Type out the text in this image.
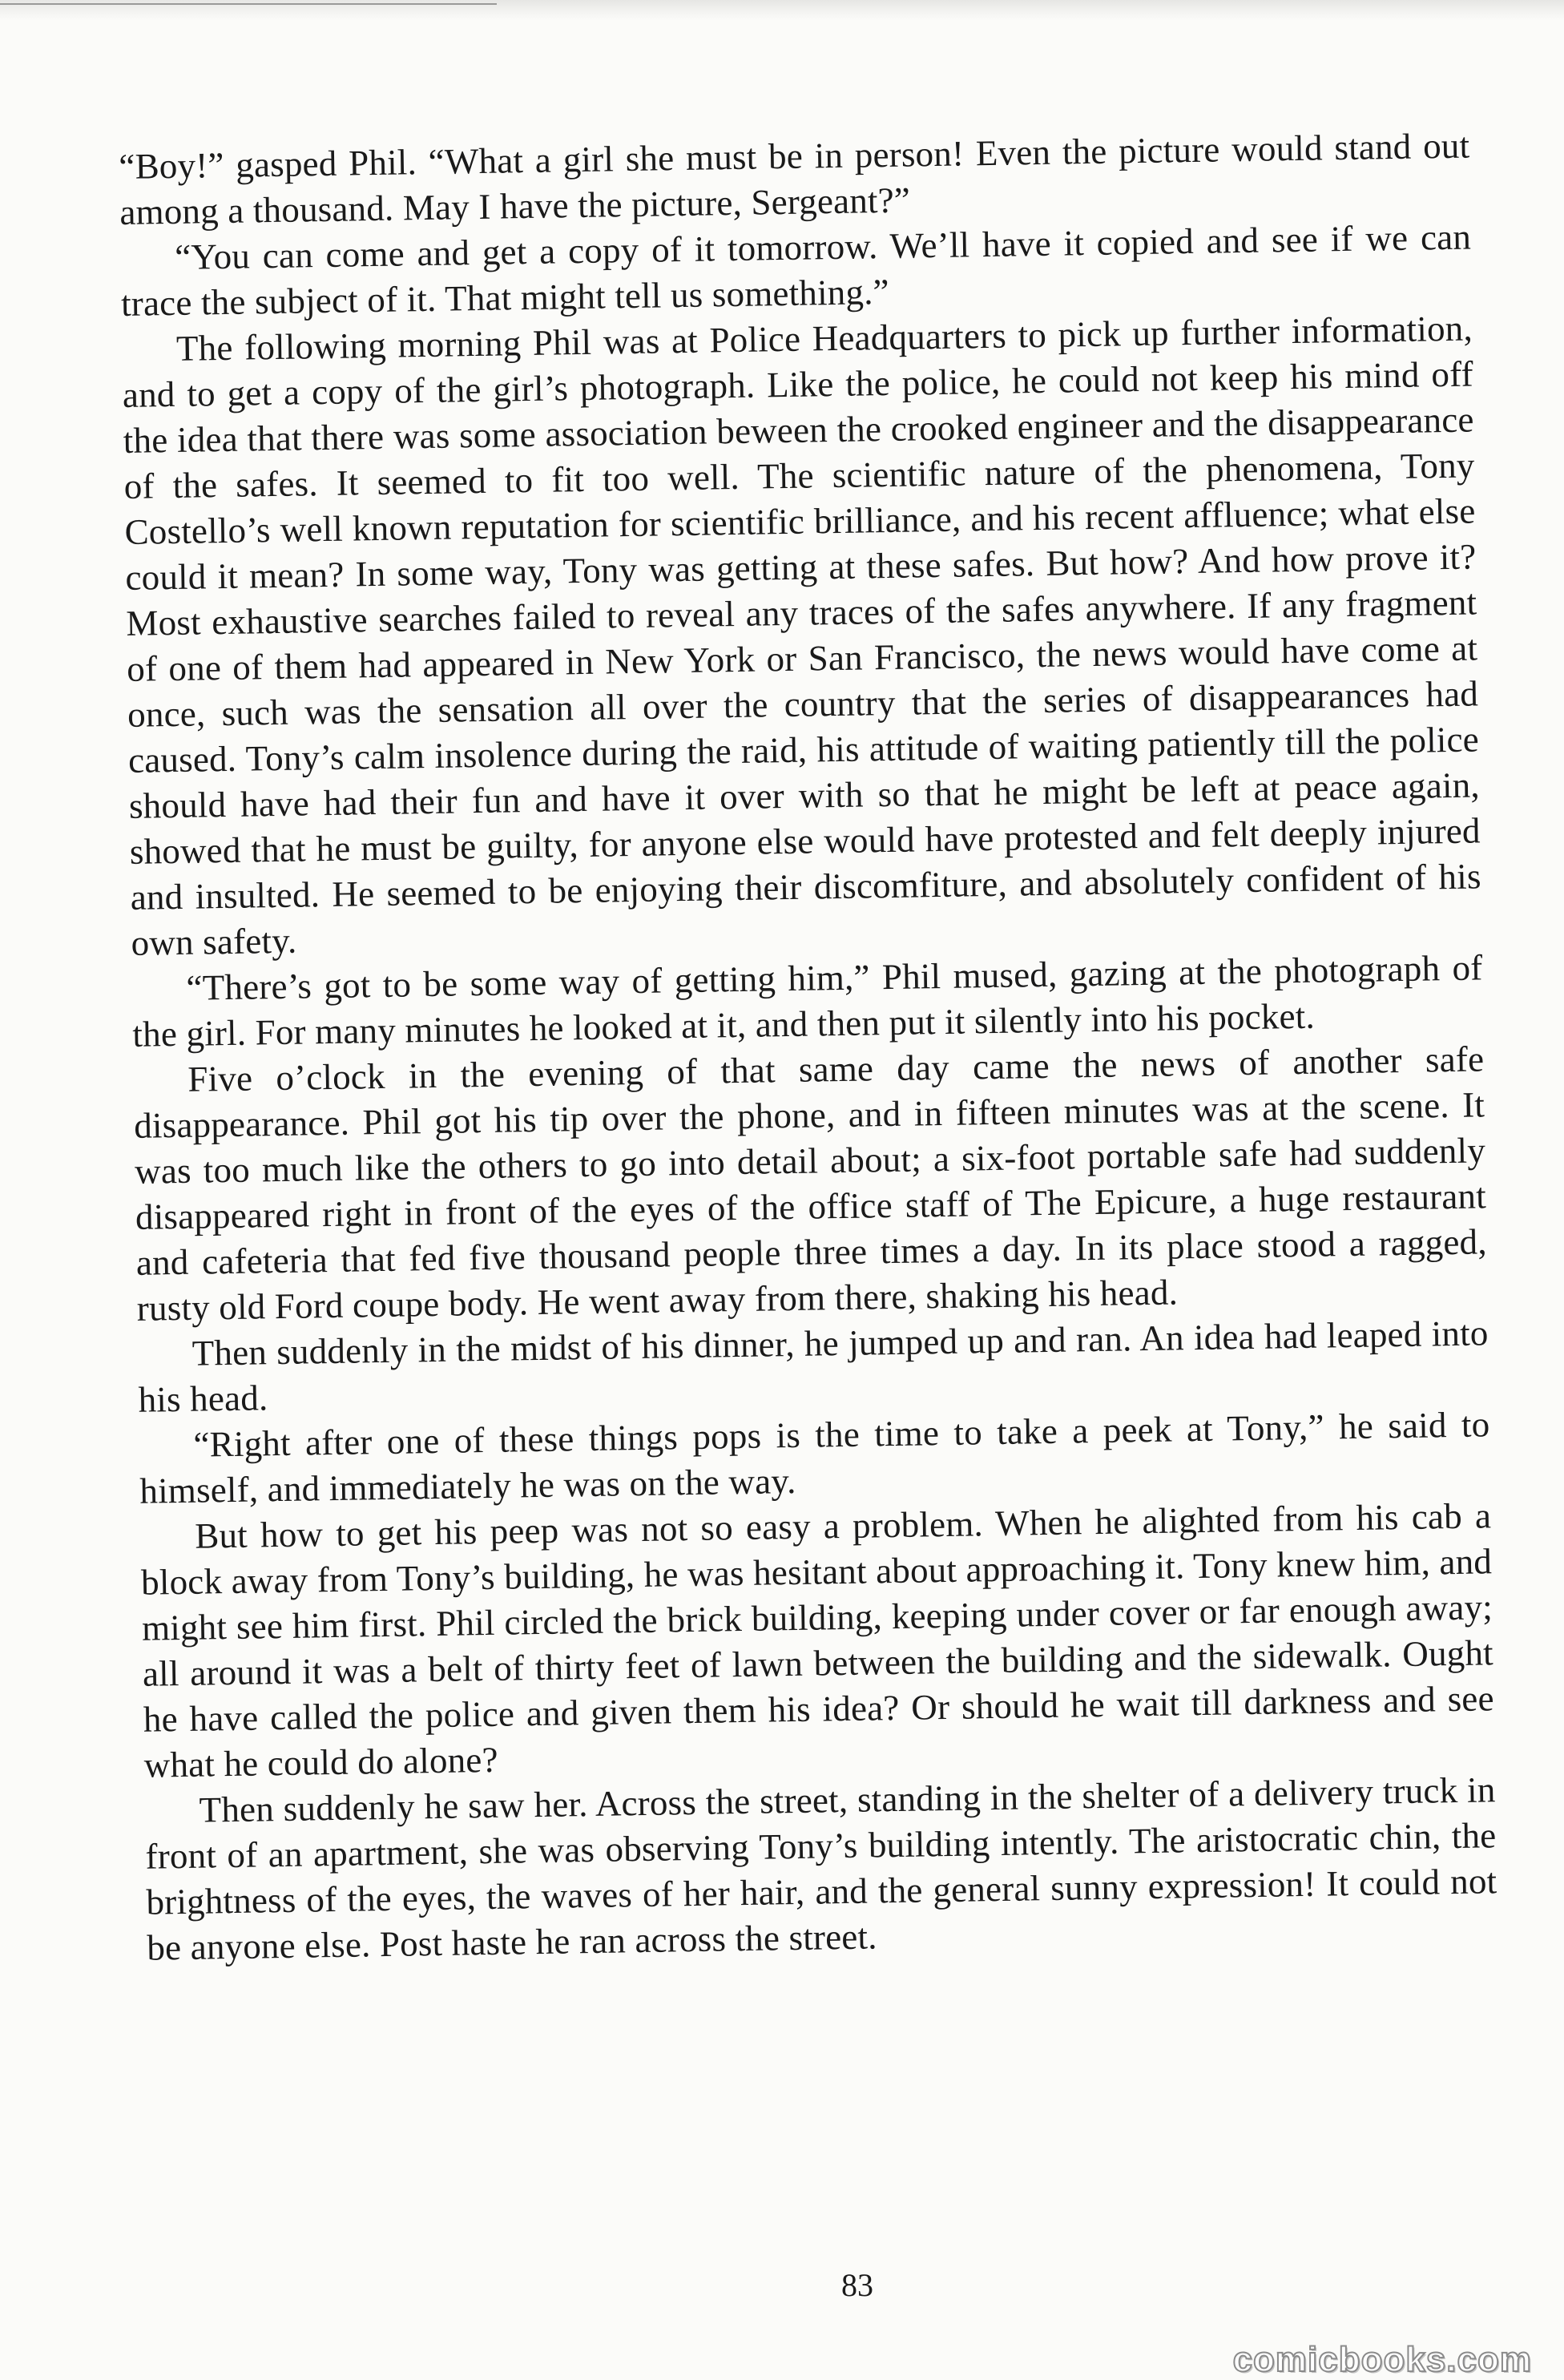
“Boy!” gasped Phil. “What a girl she must be in person! Even the picture would stand out among a thousand. May I have the picture, Sergeant?”

“You can come and get a copy of it tomorrow. We’ll have it copied and see if we can trace the subject of it. That might tell us something.”

The following morning Phil was at Police Headquarters to pick up further information, and to get a copy of the girl’s photograph. Like the police, he could not keep his mind off the idea that there was some association beween the crooked engineer and the disappearance of the safes. It seemed to fit too well. The scientific nature of the phenomena, Tony Costello’s well known reputation for scientific brilliance, and his recent affluence; what else could it mean? In some way, Tony was getting at these safes. But how? And how prove it? Most exhaustive searches failed to reveal any traces of the safes anywhere. If any fragment of one of them had appeared in New York or San Francisco, the news would have come at once, such was the sensation all over the country that the series of disappearances had caused. Tony’s calm insolence during the raid, his attitude of waiting patiently till the police should have had their fun and have it over with so that he might be left at peace again, showed that he must be guilty, for anyone else would have protested and felt deeply injured and insulted. He seemed to be enjoying their discomfiture, and absolutely confident of his own safety.

“There’s got to be some way of getting him,” Phil mused, gazing at the photograph of the girl. For many minutes he looked at it, and then put it silently into his pocket.

Five o’clock in the evening of that same day came the news of another safe disappearance. Phil got his tip over the phone, and in fifteen minutes was at the scene. It was too much like the others to go into detail about; a six-foot portable safe had suddenly disappeared right in front of the eyes of the office staff of The Epicure, a huge restaurant and cafeteria that fed five thousand people three times a day. In its place stood a ragged, rusty old Ford coupe body. He went away from there, shaking his head.

Then suddenly in the midst of his dinner, he jumped up and ran. An idea had leaped into his head.

“Right after one of these things pops is the time to take a peek at Tony,” he said to himself, and immediately he was on the way.

But how to get his peep was not so easy a problem. When he alighted from his cab a block away from Tony’s building, he was hesitant about approaching it. Tony knew him, and might see him first. Phil circled the brick building, keeping under cover or far enough away; all around it was a belt of thirty feet of lawn between the building and the sidewalk. Ought he have called the police and given them his idea? Or should he wait till darkness and see what he could do alone?

Then suddenly he saw her. Across the street, standing in the shelter of a delivery truck in front of an apartment, she was observing Tony’s building intently. The aristocratic chin, the brightness of the eyes, the waves of her hair, and the general sunny expression! It could not be anyone else. Post haste he ran across the street.

83
comicbooks.com
